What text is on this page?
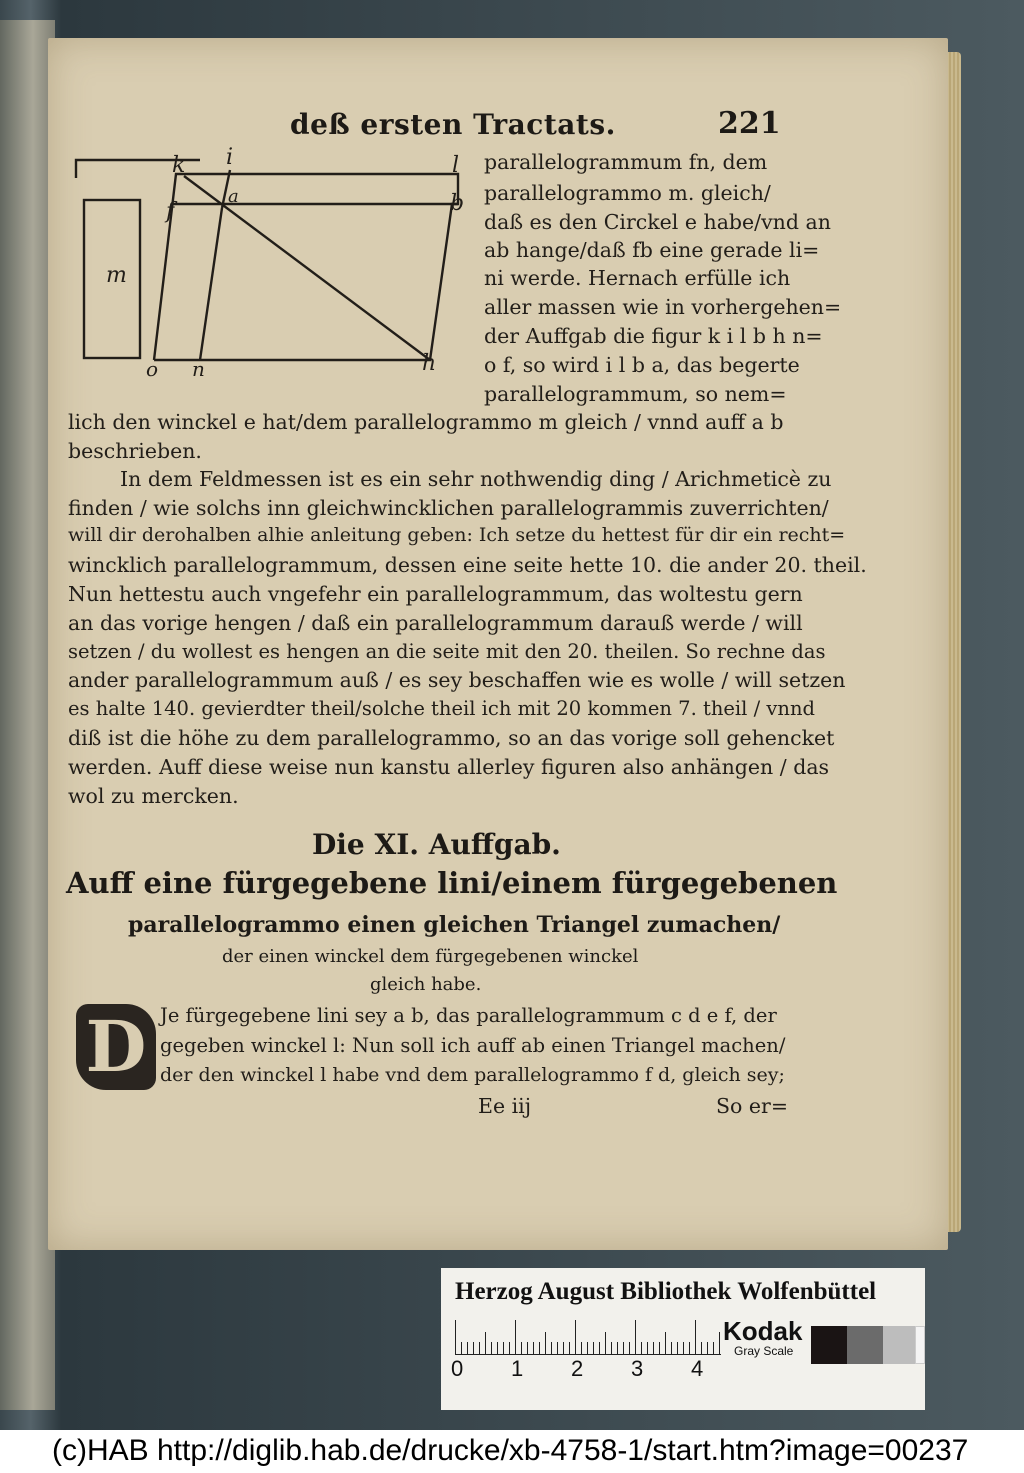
deß ersten Tractats.	221
k i	l
f
a	b
m
o n	h
parallelogrammum fn, dem
parallelogrammo m. gleich/
daß es den Circkel e habe/vnd an
ab hange/daß fb eine gerade li=
ni werde. Hernach erfülle ich
aller massen wie in vorhergehen=
der Auffgab die figur k i l b h n=
o f, so wird i l b a, das begerte
parallelogrammum, so nem=
lich den winckel e hat/dem parallelogrammo m gleich / vnnd auff a b
beschrieben.
In dem Feldmessen ist es ein sehr nothwendig ding / Arichmeticè zu
finden / wie solchs inn gleichwincklichen parallelogrammis zuverrichten/
will dir derohalben alhie anleitung geben: Ich setze du hettest für dir ein recht=
wincklich parallelogrammum, dessen eine seite hette 10. die ander 20. theil.
Nun hettestu auch vngefehr ein parallelogrammum, das woltestu gern
an das vorige hengen / daß ein parallelogrammum darauß werde / will
setzen / du wollest es hengen an die seite mit den 20. theilen. So rechne das
ander parallelogrammum auß / es sey beschaffen wie es wolle / will setzen
es halte 140. gevierdter theil/solche theil ich mit 20 kommen 7. theil / vnnd
diß ist die höhe zu dem parallelogrammo, so an das vorige soll gehencket
werden. Auff diese weise nun kanstu allerley figuren also anhängen / das
wol zu mercken.
Die XI. Auffgab.
Auff eine fürgegebene lini/einem fürgegebenen
parallelogrammo einen gleichen Triangel zumachen/
der einen winckel dem fürgegebenen winckel
gleich habe.
D Je fürgegebene lini sey a b, das parallelogrammum c d e f, der
gegeben winckel l: Nun soll ich auff ab einen Triangel machen/
der den winckel l habe vnd dem parallelogrammo f d, gleich sey;
Ee iij	So er=
Herzog August Bibliothek Wolfenbüttel
0 1 2 3 4
Kodak
Gray Scale
(c)HAB http://diglib.hab.de/drucke/xb-4758-1/start.htm?image=00237
